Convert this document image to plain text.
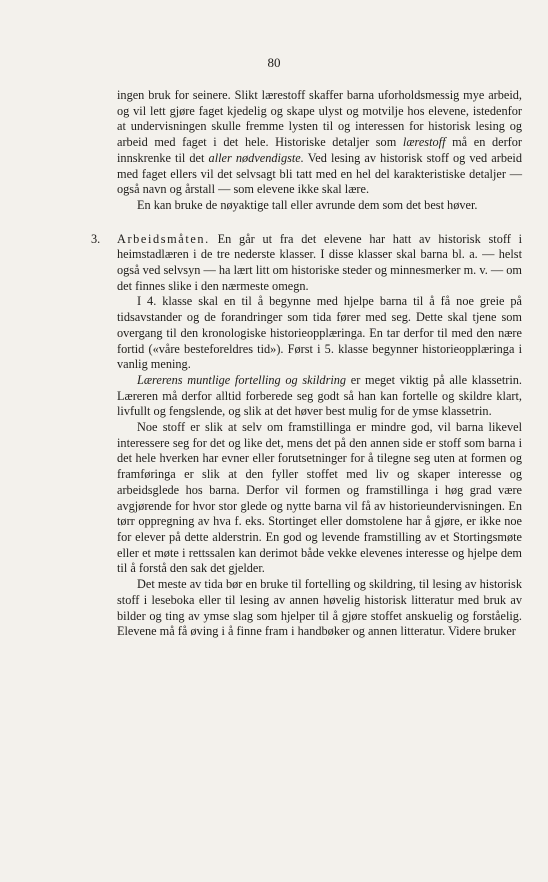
80

ingen bruk for seinere. Slikt lærestoff skaffer barna uforholdsmessig mye arbeid, og vil lett gjøre faget kjedelig og skape ulyst og motvilje hos elevene, istedenfor at undervisningen skulle fremme lysten til og interessen for historisk lesing og arbeid med faget i det hele. Historiske detaljer som lærestoff må en derfor innskrenke til det aller nødvendigste. Ved lesing av historisk stoff og ved arbeid med faget ellers vil det selvsagt bli tatt med en hel del karakteristiske detaljer — også navn og årstall — som elevene ikke skal lære.

En kan bruke de nøyaktige tall eller avrunde dem som det best høver.

3. Arbeidsmåten. En går ut fra det elevene har hatt av historisk stoff i heimstadlæren i de tre nederste klasser. I disse klasser skal barna bl. a. — helst også ved selvsyn — ha lært litt om historiske steder og minnesmerker m. v. — om det finnes slike i den nærmeste omegn.

I 4. klasse skal en til å begynne med hjelpe barna til å få noe greie på tidsavstander og de forandringer som tida fører med seg. Dette skal tjene som overgang til den kronologiske historieopplæringa. En tar derfor til med den nære fortid («våre besteforeldres tid»). Først i 5. klasse begynner historieopplæringa i vanlig mening.

Lærerens muntlige fortelling og skildring er meget viktig på alle klassetrin. Læreren må derfor alltid forberede seg godt så han kan fortelle og skildre klart, livfullt og fengslende, og slik at det høver best mulig for de ymse klassetrin.

Noe stoff er slik at selv om framstillinga er mindre god, vil barna likevel interessere seg for det og like det, mens det på den annen side er stoff som barna i det hele hverken har evner eller forutsetninger for å tilegne seg uten at formen og framføringa er slik at den fyller stoffet med liv og skaper interesse og arbeidsglede hos barna. Derfor vil formen og framstillinga i høg grad være avgjørende for hvor stor glede og nytte barna vil få av historieundervisningen. En tørr oppregning av hva f. eks. Stortinget eller domstolene har å gjøre, er ikke noe for elever på dette alderstrin. En god og levende framstilling av et Stortingsmøte eller et møte i rettssalen kan derimot både vekke elevenes interesse og hjelpe dem til å forstå den sak det gjelder.

Det meste av tida bør en bruke til fortelling og skildring, til lesing av historisk stoff i leseboka eller til lesing av annen høvelig historisk litteratur med bruk av bilder og ting av ymse slag som hjelper til å gjøre stoffet anskuelig og forståelig. Elevene må få øving i å finne fram i handbøker og annen litteratur. Videre bruker
